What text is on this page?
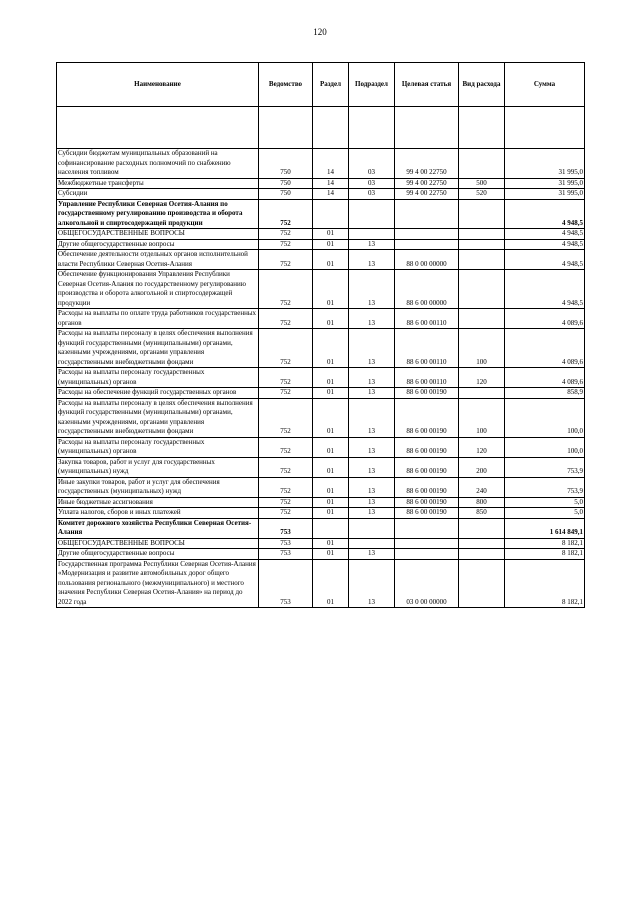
120
Наименование	Ведомство	Раздел	Подраздел	Целевая статья	Вид расхода	Сумма

Субсидии бюджетам муниципальных образований на софинансирование расходных полномочий по снабжению населения топливом	750	14	03	99 4 00 22750		31 995,0
Межбюджетные трансферты	750	14	03	99 4 00 22750	500	31 995,0
Субсидии	750	14	03	99 4 00 22750	520	31 995,0
Управление Республики Северная Осетия-Алания по государственному регулированию производства и оборота алкогольной и спиртосодержащей продукции	752					4 948,5
ОБЩЕГОСУДАРСТВЕННЫЕ ВОПРОСЫ	752	01				4 948,5
Другие общегосударственные вопросы	752	01	13			4 948,5
Обеспечение деятельности отдельных органов исполнительной власти Республики Северная Осетия-Алания	752	01	13	88 0 00 00000		4 948,5
Обеспечение функционирования Управления Республики Северная Осетия-Алания по государственному регулированию производства и оборота алкогольной и спиртосодержащей продукции	752	01	13	88 6 00 00000		4 948,5
Расходы на выплаты по оплате труда работников государственных органов	752	01	13	88 6 00 00110		4 089,6
Расходы на выплаты персоналу в целях обеспечения выполнения функций государственными (муниципальными) органами, казенными учреждениями, органами управления государственными внебюджетными фондами	752	01	13	88 6 00 00110	100	4 089,6
Расходы на выплаты персоналу государственных (муниципальных) органов	752	01	13	88 6 00 00110	120	4 089,6
Расходы на обеспечение функций государственных органов	752	01	13	88 6 00 00190		858,9
Расходы на выплаты персоналу в целях обеспечения выполнения функций государственными (муниципальными) органами, казенными учреждениями, органами управления государственными внебюджетными фондами	752	01	13	88 6 00 00190	100	100,0
Расходы на выплаты персоналу государственных (муниципальных) органов	752	01	13	88 6 00 00190	120	100,0
Закупка товаров, работ и услуг для государственных (муниципальных) нужд	752	01	13	88 6 00 00190	200	753,9
Иные закупки товаров, работ и услуг для обеспечения государственных (муниципальных) нужд	752	01	13	88 6 00 00190	240	753,9
Иные бюджетные ассигнования	752	01	13	88 6 00 00190	800	5,0
Уплата налогов, сборов и иных платежей	752	01	13	88 6 00 00190	850	5,0
Комитет дорожного хозяйства Республики Северная Осетия-Алания	753					1 614 849,1
ОБЩЕГОСУДАРСТВЕННЫЕ ВОПРОСЫ	753	01				8 182,1
Другие общегосударственные вопросы	753	01	13			8 182,1
Государственная программа Республики Северная Осетия-Алания «Модернизация и развитие автомобильных дорог общего пользования регионального (межмуниципального) и местного значения Республики Северная Осетия-Алания» на период до 2022 года	753	01	13	03 0 00 00000		8 182,1
